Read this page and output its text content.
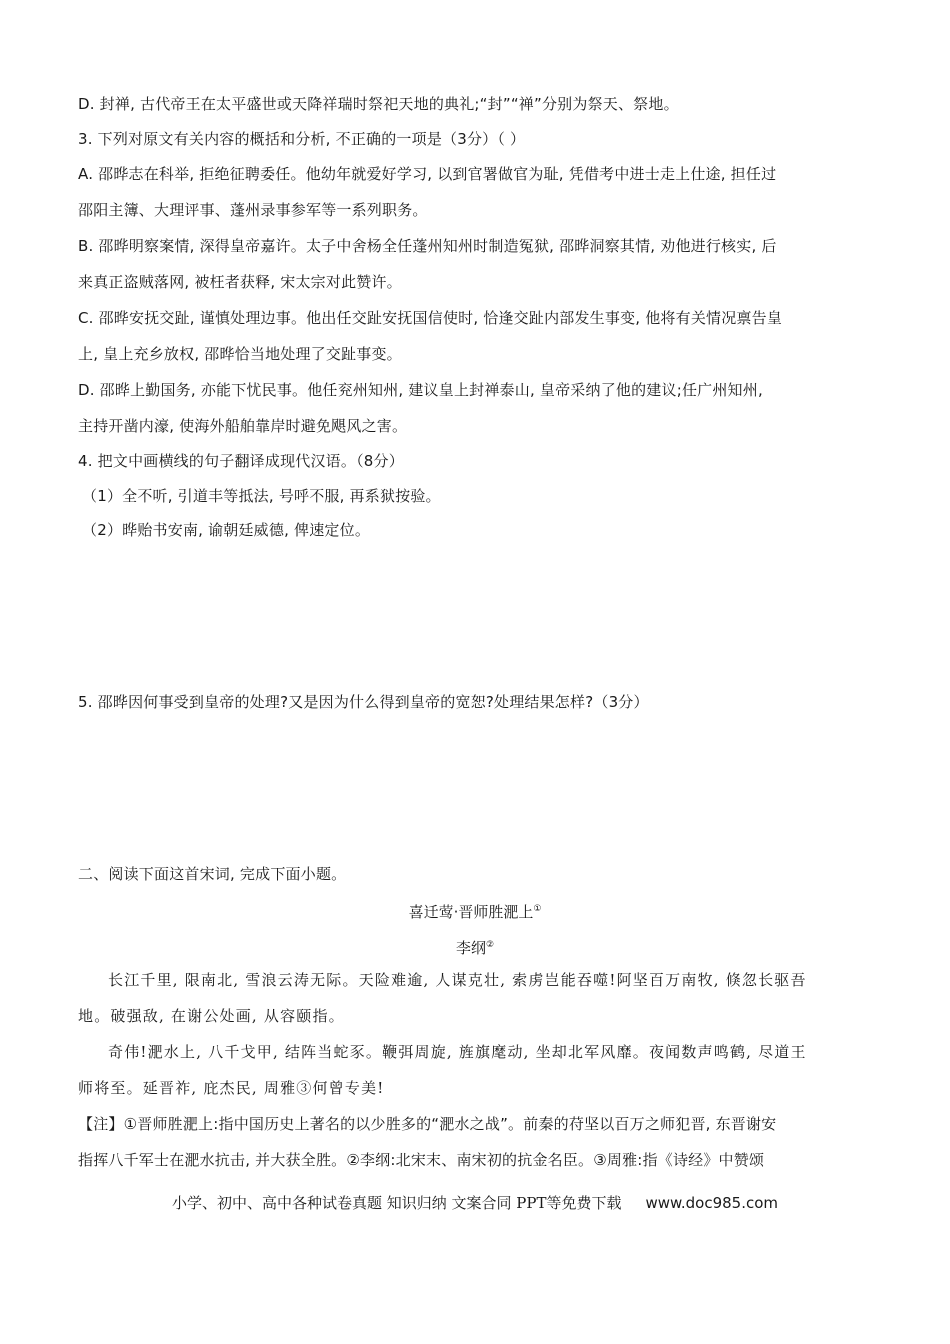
D. 封禅, 古代帝王在太平盛世或天降祥瑞时祭祀天地的典礼;“封”“禅”分别为祭天、祭地。
3. 下列对原文有关内容的概括和分析, 不正确的一项是（3分）（ ）
A. 邵晔志在科举, 拒绝征聘委任。他幼年就爱好学习, 以到官署做官为耻, 凭借考中进士走上仕途, 担任过
邵阳主簿、大理评事、蓬州录事参军等一系列职务。
B. 邵晔明察案情, 深得皇帝嘉许。太子中舍杨全任蓬州知州时制造冤狱, 邵晔洞察其情, 劝他进行核实, 后
来真正盗贼落网, 被枉者获释, 宋太宗对此赞许。
C. 邵晔安抚交趾, 谨慎处理边事。他出任交趾安抚国信使时, 恰逢交趾内部发生事变, 他将有关情况禀告皇
上, 皇上充乡放权, 邵晔恰当地处理了交趾事变。
D. 邵晔上勤国务, 亦能下忧民事。他任兖州知州, 建议皇上封禅泰山, 皇帝采纳了他的建议;任广州知州,
主持开凿内濠, 使海外船舶靠岸时避免飓风之害。
4. 把文中画横线的句子翻译成现代汉语。（8分）
（1）全不听, 引道丰等抵法, 号呼不服, 再系狱按验。
（2）晔贻书安南, 谕朝廷威德, 俾速定位。
5. 邵晔因何事受到皇帝的处理?又是因为什么得到皇帝的宽恕?处理结果怎样?（3分）
二、阅读下面这首宋词, 完成下面小题。
喜迁莺·晋师胜淝上①
李纲②
长江千里, 限南北, 雪浪云涛无际。天险难逾, 人谋克壮, 索虏岂能吞噬!阿坚百万南牧, 倏忽长驱吾
地。破强敌, 在谢公处画, 从容颐指。
奇伟!淝水上, 八千戈甲, 结阵当蛇豕。鞭弭周旋, 旌旗麾动, 坐却北军风靡。夜闻数声鸣鹤, 尽道王
师将至。延晋祚, 庇杰民, 周雅③何曾专美!
【注】①晋师胜淝上:指中国历史上著名的以少胜多的“淝水之战”。前秦的苻坚以百万之师犯晋, 东晋谢安
指挥八千军士在淝水抗击, 并大获全胜。②李纲:北宋末、南宋初的抗金名臣。③周雅:指《诗经》中赞颂
小学、初中、高中各种试卷真题 知识归纳 文案合同 PPT等免费下载 www.doc985.com
